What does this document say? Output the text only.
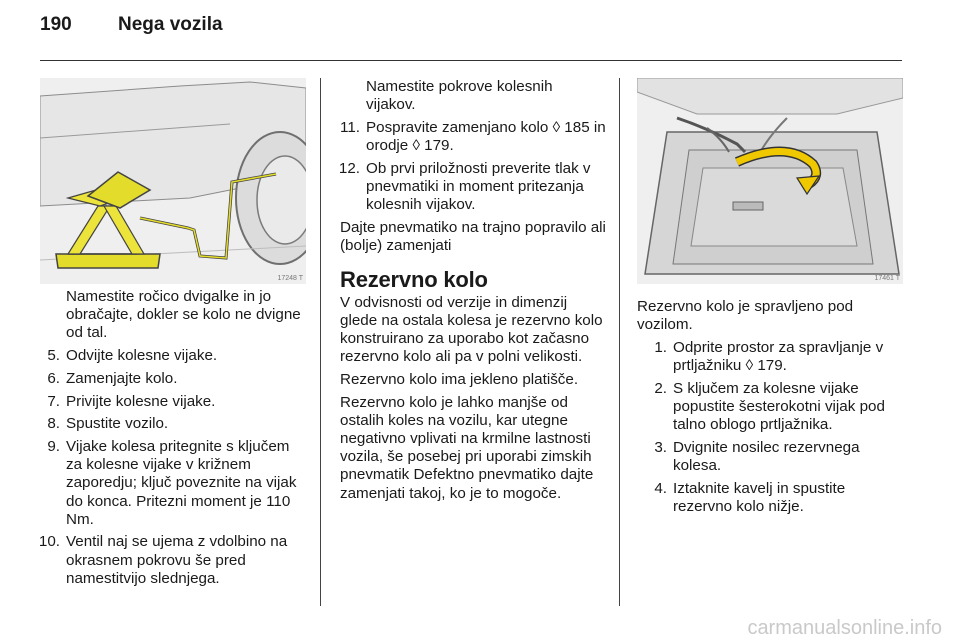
190 Nega vozila
17248 T

Namestite ročico dvigalke in jo obračajte, dokler se kolo ne dvigne od tal.

5. Odvijte kolesne vijake.
6. Zamenjajte kolo.
7. Privijte kolesne vijake.
8. Spustite vozilo.
9. Vijake kolesa pritegnite s ključem za kolesne vijake v križnem zaporedju; ključ poveznite na vijak do konca. Pritezni moment je 110 Nm.
10. Ventil naj se ujema z vdolbino na okrasnem pokrovu še pred namestitvijo slednjega.

Namestite pokrove kolesnih vijakov.

11. Pospravite zamenjano kolo ◊ 185 in orodje ◊ 179.
12. Ob prvi priložnosti preverite tlak v pnevmatiki in moment pritezanja kolesnih vijakov.

Dajte pnevmatiko na trajno popravilo ali (bolje) zamenjati

Rezervno kolo

V odvisnosti od verzije in dimenzij glede na ostala kolesa je rezervno kolo konstruirano za uporabo kot začasno rezervno kolo ali pa v polni velikosti.

Rezervno kolo ima jekleno platišče.

Rezervno kolo je lahko manjše od ostalih koles na vozilu, kar utegne negativno vplivati na krmilne lastnosti vozila, še posebej pri uporabi zimskih pnevmatik Defektno pnevmatiko dajte zamenjati takoj, ko je to mogoče.

17461 T

Rezervno kolo je spravljeno pod vozilom.

1. Odprite prostor za spravljanje v prtljažniku ◊ 179.
2. S ključem za kolesne vijake popustite šesterokotni vijak pod talno oblogo prtljažnika.
3. Dvignite nosilec rezervnega kolesa.
4. Iztaknite kavelj in spustite rezervno kolo nižje.
carmanualsonline.info
